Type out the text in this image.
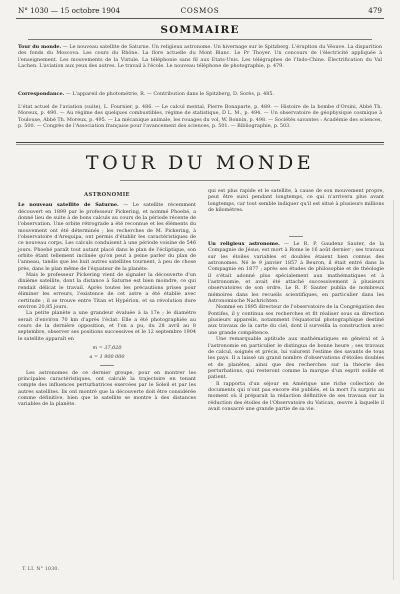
N° 1030 — 15 octobre 1904	COSMOS	479
SOMMAIRE
Tour du monde. — Le nouveau satellite de Saturne. Un religieux astronome. Un hivernage sur le Spitzberg. L'éruption du Vésuve. La disparition des fonds du Moscova. Les cours du Rhône. La flore actuelle du Mont Blanc. Le Pr Thoyer. Un concours de l'électricité appliquée à l'enseignement. Les mouvements de la Vistule. La téléphonie sans fil aux Etats-Unis. Les télégraphes de l'Indo-Chine. Électrification du Val Lachen. L'aviation aux yeux des autres. Le travail à l'école. Le nouveau téléphone de photographie, p. 479.
Correspondance. — L'appareil de photométrie, R. — Contribution dans le Spitzberg, D. Sorès, p. 485.
L'état actuel de l'aviation (suite), L. Fournier, p. 486. — Le calcul mental, Pierre Bonaparte, p. 489. — Histoire de la bombe d'Orsini, Abbé Th. Moreux, p. 490. — Au régime des quelques combustibles, régime de statistique, D L. M., p. 494. — Un observatoire de géophysique cosmique à Toulouse, Abbé Th. Moreux, p. 495. — La mécanique animale, les rouages du vol, W. Bonnin, p. 498. — Sociétés savantes : Académie des sciences, p. 500. — Congrès de l'Association française pour l'avancement des sciences, p. 501. — Bibliographie, p. 503.
TOUR DU MONDE
ASTRONOMIE

Le nouveau satellite de Saturne. — Le satellite récemment découvert en 1899 par le professeur Pickering, et nommé Phoebé, a donné lieu de suite à de bons calculs au cours de la période récente de l'observation. Une orbite rétrograde a été reconnue et les éléments du mouvement ont été déterminés ; les recherches de M. Pickering, à l'observatoire d'Arequipa, ont permis d'établir les caractéristiques de ce nouveau corps. Les calculs conduisent à une période voisine de 546 jours. Phoebé paraît tout autant placé dans le plan de l'écliptique, son orbite étant tellement inclinée qu'on peut à peine parler du plan de l'anneau, tandis que les huit autres satellites tournent, à peu de chose près, dans le plan même de l'équateur de la planète.

Mais le professeur Pickering vient de signaler la découverte d'un dixième satellite, dont la distance à Saturne est bien moindre, ce qui rendait délicat le travail. Après toutes les précautions prises pour éliminer les erreurs, l'existence de cet astre a été établie avec certitude ; il se trouve entre Titan et Hypérion, et sa révolution dure environ 20,85 jours.

La petite planète a une grandeur évaluée à la 17e ; le diamètre serait d'environ 70 km d'après l'éclat. Elle a été photographiée au cours de la dernière opposition, et l'on a pu, du 28 avril au 8 septembre, observer ses positions successives et le 12 septembre 1904 le satellite apparaît en

m = 37,020
a = 1 900 000

Les astronomes de ce dernier groupe, pour en montrer les principales caractéristiques, ont calculé la trajectoire en tenant compte des influences perturbatrices exercées par le Soleil et par les autres satellites. Ils ont montré que la découverte doit être considérée comme définitive, bien que le satellite se montre à des distances variables de la planète.

qui est plus rapide et le satellite, à cause de son mouvement propre, peut être suivi pendant longtemps, ce qui n'arrivera plus avant longtemps, car tout semble indiquer qu'il est situé à plusieurs millions de kilomètres.

Un religieux astronome. — Le R. P. Gaudenz Sauter, de la Compagnie de Jésus, est mort à Rome le 16 août dernier ; ses travaux sur les étoiles variables et doubles étaient bien connus des astronomes. Né le 9 janvier 1857 à Beuron, il était entré dans la Compagnie en 1877 ; après ses études de philosophie et de théologie il s'était adonné plus spécialement aux mathématiques et à l'astronomie, et avait été attaché successivement à plusieurs observatoires de son ordre. Le R. P. Sauter publia de nombreux mémoires dans les recueils scientifiques, en particulier dans les Astronomische Nachrichten.

Nommé en 1895 directeur de l'observatoire de la Congrégation des Pontifes, il y continua ses recherches et fit réaliser sous sa direction plusieurs appareils, notamment l'équatorial photographique destiné aux travaux de la carte du ciel, dont il surveilla la construction avec une grande compétence.

Une remarquable aptitude aux mathématiques en général et à l'astronomie en particulier le distingua de bonne heure ; ses travaux de calcul, soignés et précis, lui valurent l'estime des savants de tous les pays. Il a laissé un grand nombre d'observations d'étoiles doubles et de planètes, ainsi que des recherches sur la théorie des perturbations, qui resteront comme la marque d'un esprit solide et patient.

Il rapporta d'un séjour en Amérique une riche collection de documents qui n'ont pas encore été publiés, et la mort l'a surpris au moment où il préparait la rédaction définitive de ses travaux sur la réduction des étoiles de l'Observatoire du Vatican, œuvre à laquelle il avait consacré une grande partie de sa vie.

T. LI. N° 1030.
